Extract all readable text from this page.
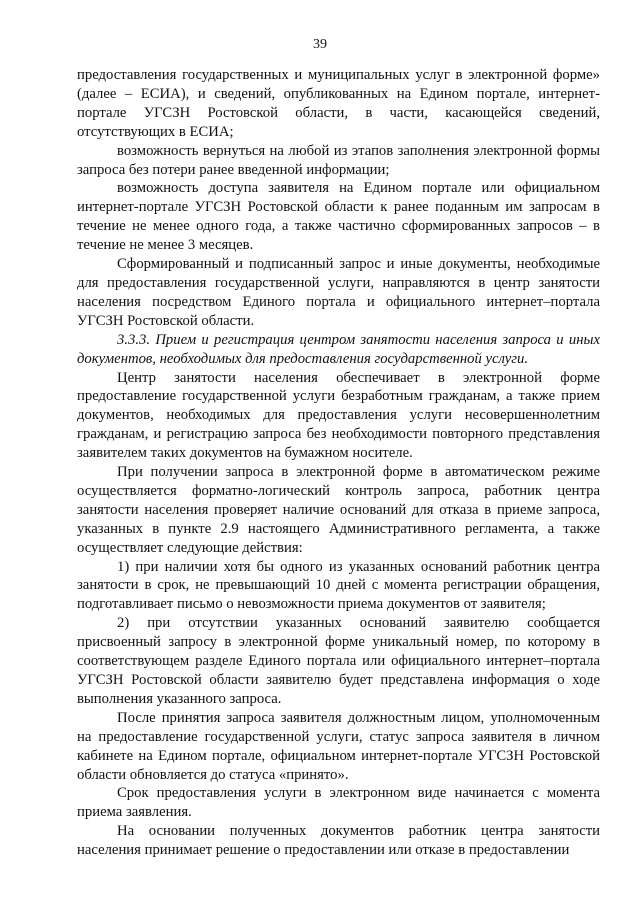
39

предоставления государственных и муниципальных услуг в электронной форме» (далее – ЕСИА), и сведений, опубликованных на Едином портале, интернет-портале УГСЗН Ростовской области, в части, касающейся сведений, отсутствующих в ЕСИА;

возможность вернуться на любой из этапов заполнения электронной формы запроса без потери ранее введенной информации;

возможность доступа заявителя на Едином портале или официальном интернет-портале УГСЗН Ростовской области к ранее поданным им запросам в течение не менее одного года, а также частично сформированных запросов – в течение не менее 3 месяцев.

Сформированный и подписанный запрос и иные документы, необходимые для предоставления государственной услуги, направляются в центр занятости населения посредством Единого портала и официального интернет–портала УГСЗН Ростовской области.

3.3.3. Прием и регистрация центром занятости населения запроса и иных документов, необходимых для предоставления государственной услуги.

Центр занятости населения обеспечивает в электронной форме предоставление государственной услуги безработным гражданам, а также прием документов, необходимых для предоставления услуги несовершеннолетним гражданам, и регистрацию запроса без необходимости повторного представления заявителем таких документов на бумажном носителе.

При получении запроса в электронной форме в автоматическом режиме осуществляется форматно-логический контроль запроса, работник центра занятости населения проверяет наличие оснований для отказа в приеме запроса, указанных в пункте 2.9 настоящего Административного регламента, а также осуществляет следующие действия:

1) при наличии хотя бы одного из указанных оснований работник центра занятости в срок, не превышающий 10 дней с момента регистрации обращения, подготавливает письмо о невозможности приема документов от заявителя;

2) при отсутствии указанных оснований заявителю сообщается присвоенный запросу в электронной форме уникальный номер, по которому в соответствующем разделе Единого портала или официального интернет–портала УГСЗН Ростовской области заявителю будет представлена информация о ходе выполнения указанного запроса.

После принятия запроса заявителя должностным лицом, уполномоченным на предоставление государственной услуги, статус запроса заявителя в личном кабинете на Едином портале, официальном интернет-портале УГСЗН Ростовской области обновляется до статуса «принято».

Срок предоставления услуги в электронном виде начинается с момента приема заявления.

На основании полученных документов работник центра занятости населения принимает решение о предоставлении или отказе в предоставлении
